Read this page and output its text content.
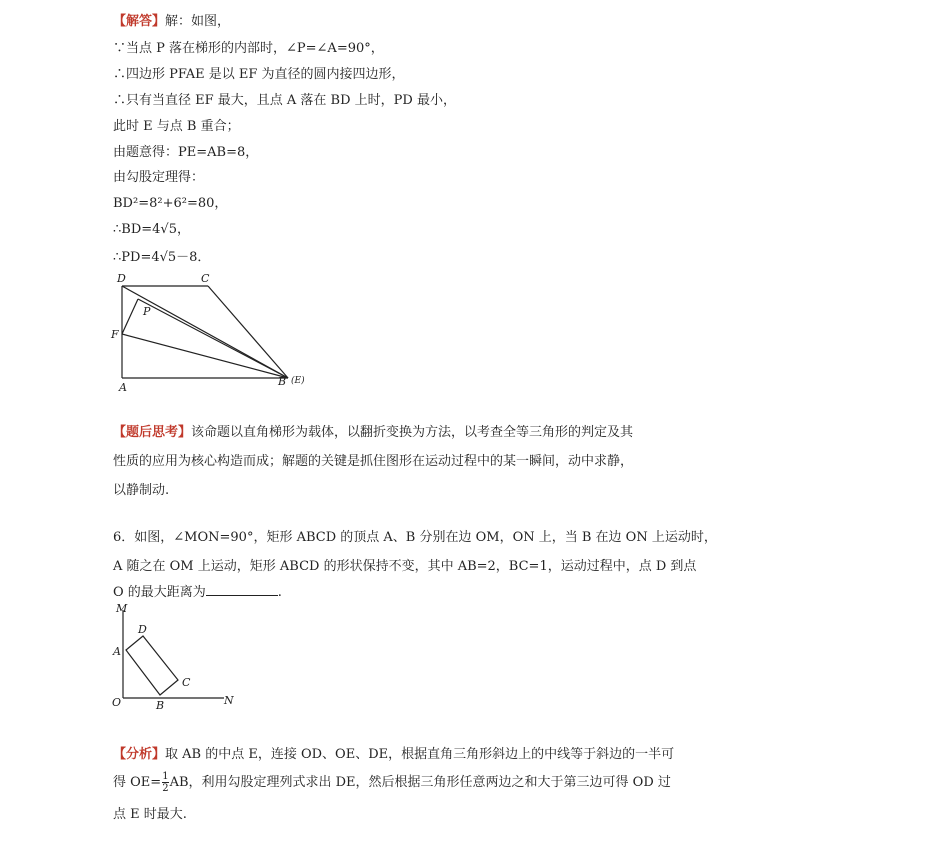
【解答】解：如图，
∵当点 P 落在梯形的内部时，∠P=∠A=90°，
∴四边形 PFAE 是以 EF 为直径的圆内接四边形，
∴只有当直径 EF 最大，且点 A 落在 BD 上时，PD 最小，
此时 E 与点 B 重合；
由题意得：PE=AB=8，
由勾股定理得：
BD²=8²+6²=80，
∴BD=4√5，
∴PD=4√5－8．
D	C
P
F
A	B (E)
【题后思考】该命题以直角梯形为载体，以翻折变换为方法，以考查全等三角形的判定及其
性质的应用为核心构造而成；解题的关键是抓住图形在运动过程中的某一瞬间，动中求静，
以静制动.
6．如图，∠MON=90°，矩形 ABCD 的顶点 A、B 分别在边 OM，ON 上，当 B 在边 ON 上运动时，
A 随之在 OM 上运动，矩形 ABCD 的形状保持不变，其中 AB=2，BC=1，运动过程中，点 D 到点
O 的最大距离为	.
M
D
A
C
O	B	N
【分析】取 AB 的中点 E，连接 OD、OE、DE，根据直角三角形斜边上的中线等于斜边的一半可
得 $OE= \frac{1}{2}$ AB，利用勾股定理列式求出 DE，然后根据三角形任意两边之和大于第三边可得 OD 过
点 E 时最大.
